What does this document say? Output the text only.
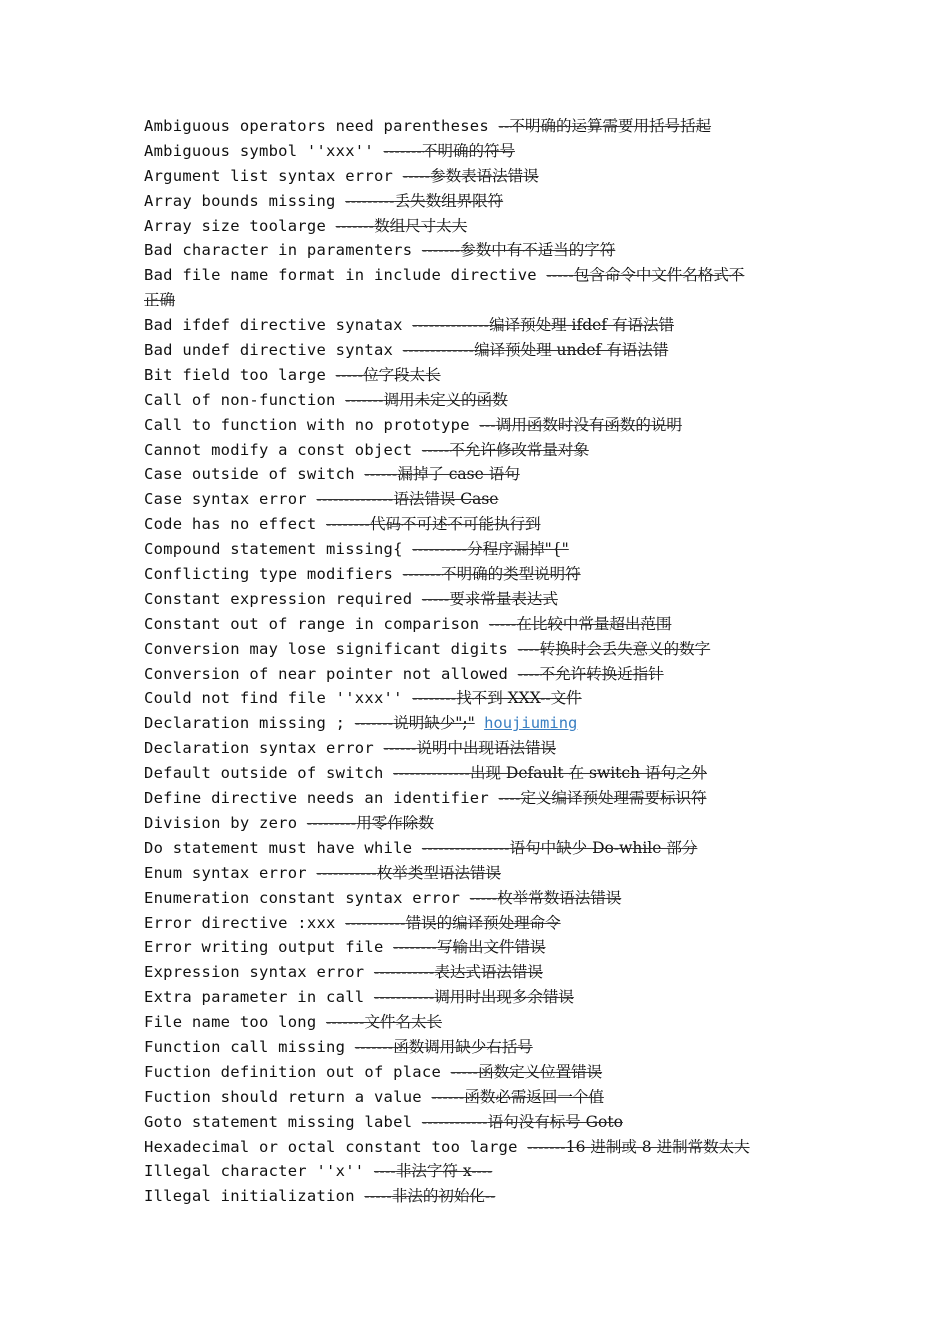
Ambiguous operators need parentheses --不明确的运算需要用括号括起
Ambiguous symbol ''xxx'' -------不明确的符号
Argument list syntax error -----参数表语法错误
Array bounds missing ---------丢失数组界限符
Array size toolarge -------数组尺寸太大
Bad character in paramenters -------参数中有不适当的字符
Bad file name format in include directive -----包含命令中文件名格式不
正确
Bad ifdef directive synatax --------------编译预处理 ifdef 有语法错
Bad undef directive syntax -------------编译预处理 undef 有语法错
Bit field too large -----位字段太长
Call of non-function -------调用未定义的函数
Call to function with no prototype ---调用函数时没有函数的说明
Cannot modify a const object -----不允许修改常量对象
Case outside of switch ------漏掉了 case 语句
Case syntax error --------------语法错误 Case
Code has no effect --------代码不可述不可能执行到
Compound statement missing{ ----------分程序漏掉"{"
Conflicting type modifiers -------不明确的类型说明符
Constant expression required -----要求常量表达式
Constant out of range in comparison -----在比较中常量超出范围
Conversion may lose significant digits ----转换时会丢失意义的数字
Conversion of near pointer not allowed ----不允许转换近指针
Could not find file ''xxx'' --------找不到 XXX--文件
Declaration missing ; -------说明缺少";" houjiuming
Declaration syntax error ------说明中出现语法错误
Default outside of switch --------------出现 Default 在 switch 语句之外
Define directive needs an identifier ----定义编译预处理需要标识符
Division by zero ---------用零作除数
Do statement must have while ----------------语句中缺少 Do-while 部分
Enum syntax error -----------枚举类型语法错误
Enumeration constant syntax error -----枚举常数语法错误
Error directive :xxx -----------错误的编译预处理命令
Error writing output file --------写输出文件错误
Expression syntax error -----------表达式语法错误
Extra parameter in call -----------调用时出现多余错误
File name too long -------文件名太长
Function call missing -------函数调用缺少右括号
Fuction definition out of place -----函数定义位置错误
Fuction should return a value ------函数必需返回一个值
Goto statement missing label ------------语句没有标号 Goto
Hexadecimal or octal constant too large -------16 进制或 8 进制常数太大
Illegal character ''x'' ----非法字符 x----
Illegal initialization -----非法的初始化--
